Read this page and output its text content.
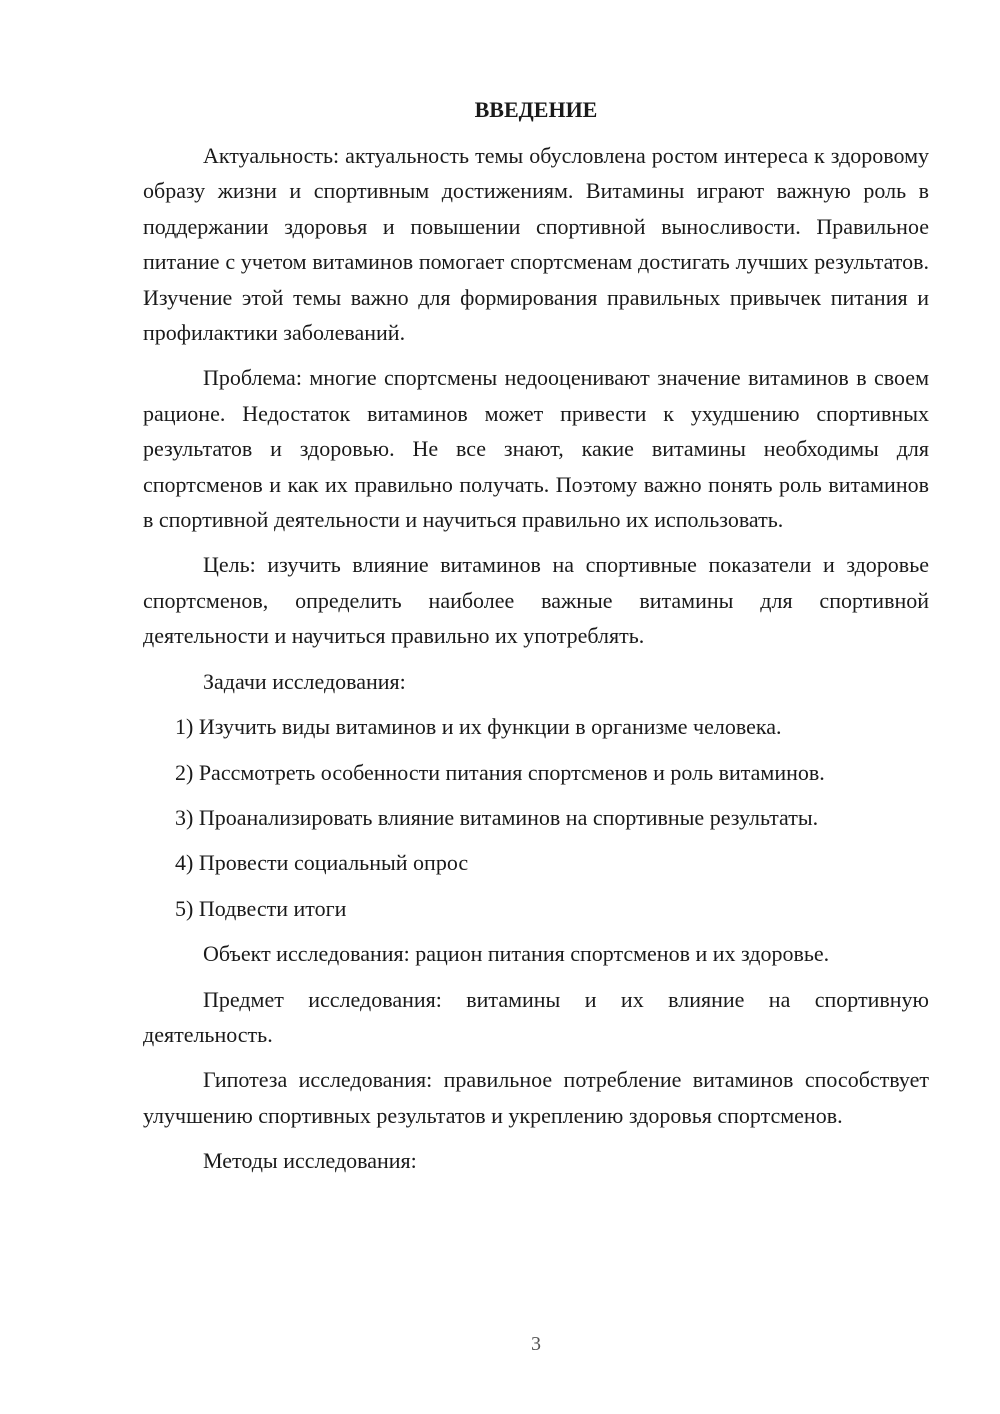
ВВЕДЕНИЕ

Актуальность: актуальность темы обусловлена ростом интереса к здоровому образу жизни и спортивным достижениям. Витамины играют важную роль в поддержании здоровья и повышении спортивной выносливости. Правильное питание с учетом витаминов помогает спортсменам достигать лучших результатов. Изучение этой темы важно для формирования правильных привычек питания и профилактики заболеваний.

Проблема: многие спортсмены недооценивают значение витаминов в своем рационе. Недостаток витаминов может привести к ухудшению спортивных результатов и здоровью. Не все знают, какие витамины необходимы для спортсменов и как их правильно получать. Поэтому важно понять роль витаминов в спортивной деятельности и научиться правильно их использовать.

Цель: изучить влияние витаминов на спортивные показатели и здоровье спортсменов, определить наиболее важные витамины для спортивной деятельности и научиться правильно их употреблять.

Задачи исследования:

1) Изучить виды витаминов и их функции в организме человека.

2) Рассмотреть особенности питания спортсменов и роль витаминов.

3) Проанализировать влияние витаминов на спортивные результаты.

4) Провести социальный опрос

5) Подвести итоги

Объект исследования: рацион питания спортсменов и их здоровье.

Предмет исследования: витамины и их влияние на спортивную деятельность.

Гипотеза исследования: правильное потребление витаминов способствует улучшению спортивных результатов и укреплению здоровья спортсменов.

Методы исследования:

3
